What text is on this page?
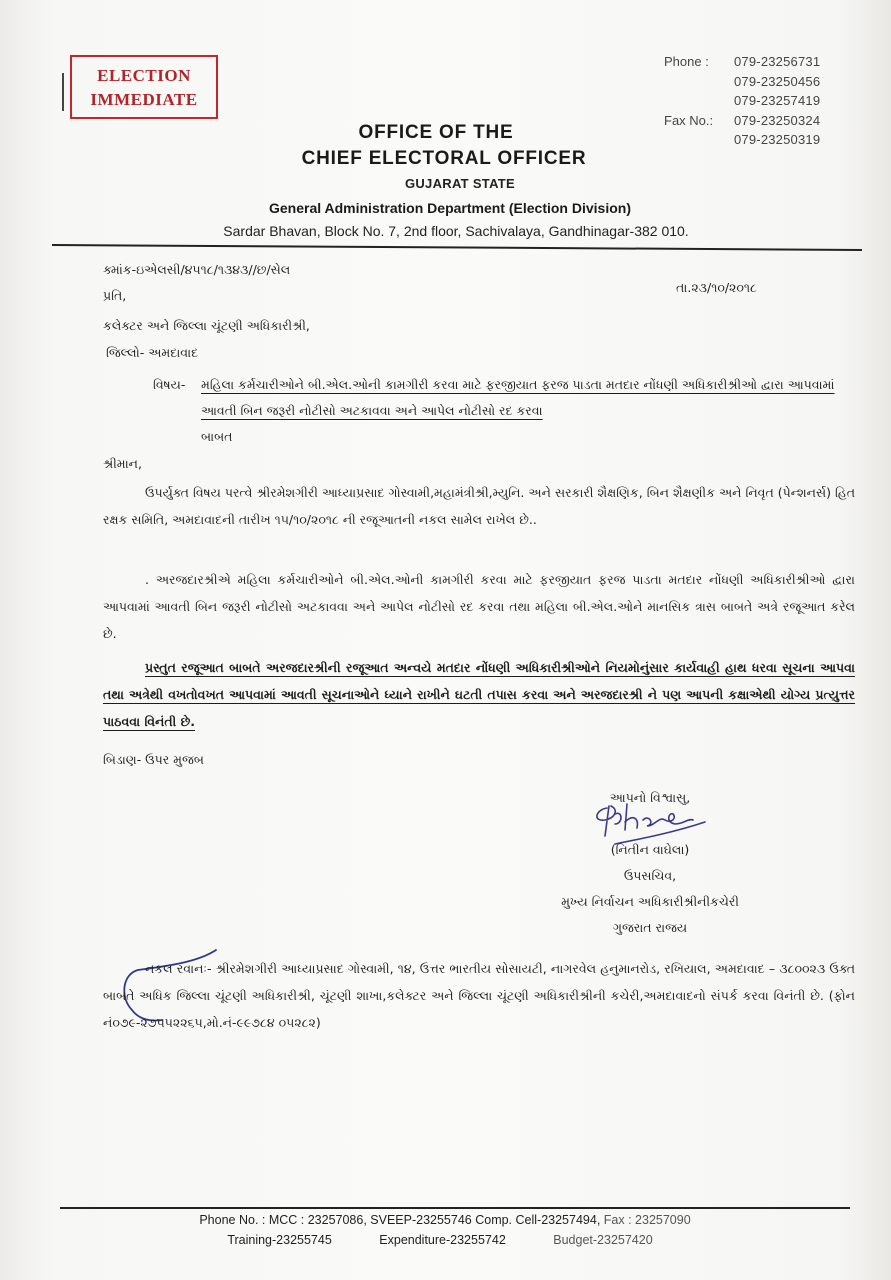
ELECTION
IMMEDIATE
Phone :	079-23256731
079-23250456
079-23257419
Fax No.:	079-23250324
079-23250319
OFFICE OF THE
CHIEF ELECTORAL OFFICER
GUJARAT STATE
General Administration Department (Election Division)
Sardar Bhavan, Block No. 7, 2nd floor, Sachivalaya, Gandhinagar-382 010.
ક્માંક-ઇએલસી/૪૫૧૮/૧૩૪૩//છ/સેલ
તા.૨૩/૧૦/૨૦૧૮
પ્રતિ,
કલેક્ટર અને જિલ્લા ચૂંટણી અધિકારીશ્રી,
જિલ્લો- અમદાવાદ
વિષય-	મહિલા કર્મચારીઓને બી.એલ.ઓની કામગીરી કરવા માટે ફરજીયાત ફરજ પાડતા મતદાર નોંધણી અધિકારીશ્રીઓ દ્વારા આપવામાં આવતી બિન જરૂરી નોટીસો અટકાવવા અને આપેલ નોટીસો રદ કરવા
બાબત
શ્રીમાન,
ઉપર્યુક્ત વિષય પરત્વે શ્રીરમેશગીરી આધ્યાપ્રસાદ ગોસ્વામી,મહામંત્રીશ્રી,મ્યુનિ. અને સરકારી શૈક્ષણિક, બિન શૈક્ષણીક અને નિવૃત (પેન્શનર્સ) હિત રક્ષક સમિતિ, અમદાવાદની તારીખ ૧૫/૧૦/૨૦૧૮ ની રજૂઆતની નકલ સામેલ રાખેલ છે..
. અરજદારશ્રીએ મહિલા કર્મચારીઓને બી.એલ.ઓની કામગીરી કરવા માટે ફરજીયાત ફરજ પાડતા મતદાર નોંધણી અધિકારીશ્રીઓ દ્વારા આપવામાં આવતી બિન જરૂરી નોટીસો અટકાવવા અને આપેલ નોટીસો રદ કરવા તથા મહિલા બી.એલ.ઓને માનસિક ત્રાસ બાબતે અત્રે રજૂઆત કરેલ છે.
પ્રસ્તુત રજૂઆત બાબતે અરજદારશ્રીની રજૂઆત અન્વયે મતદાર નોંધણી અધિકારીશ્રીઓને નિયમોનુંસાર કાર્યવાહી હાથ ધરવા સૂચના આપવા તથા અત્રેથી વખતોવખત આપવામાં આવતી સૂચનાઓને ધ્યાને રાખીને ઘટતી તપાસ કરવા અને અરજદારશ્રી ને પણ આપની કક્ષાએથી યોગ્ય પ્રત્યુત્તર પાઠવવા વિનંતી છે.
બિડાણ- ઉપર મુજબ
આપનો વિશ્વાસુ,
(નિતીન વાઘેલા)
ઉપસચિવ,
મુખ્ય નિર્વાચન અધિકારીશ્રીનીકચેરી
ગુજરાત રાજય
નકલ રવાનઃ- શ્રીરમેશગીરી આધ્યાપ્રસાદ ગોસ્વામી, ૧૪, ઉત્તર ભારતીય સોસાયટી, નાગરવેલ હનુમાનરોડ, રખિયાલ, અમદાવાદ – ૩૮૦૦૨૩ ઉક્ત બાબતે અધિક જિલ્લા ચૂંટણી અધિકારીશ્રી, ચૂંટણી શાખા,કલેક્ટર અને જિલ્લા ચૂંટણી અધિકારીશ્રીની કચેરી,અમદાવાદનો સંપર્ક કરવા વિનંતી છે. (ફોન નં૦૭૯-૨૭૫૫૨૨૬૫,મો.નં-૯૯૭૮૪ ૦૫૨૮૨)
Phone No. : MCC : 23257086, SVEEP-23255746 Comp. Cell-23257494, Fax : 23257090
Training-23255745	Expenditure-23255742	Budget-23257420
